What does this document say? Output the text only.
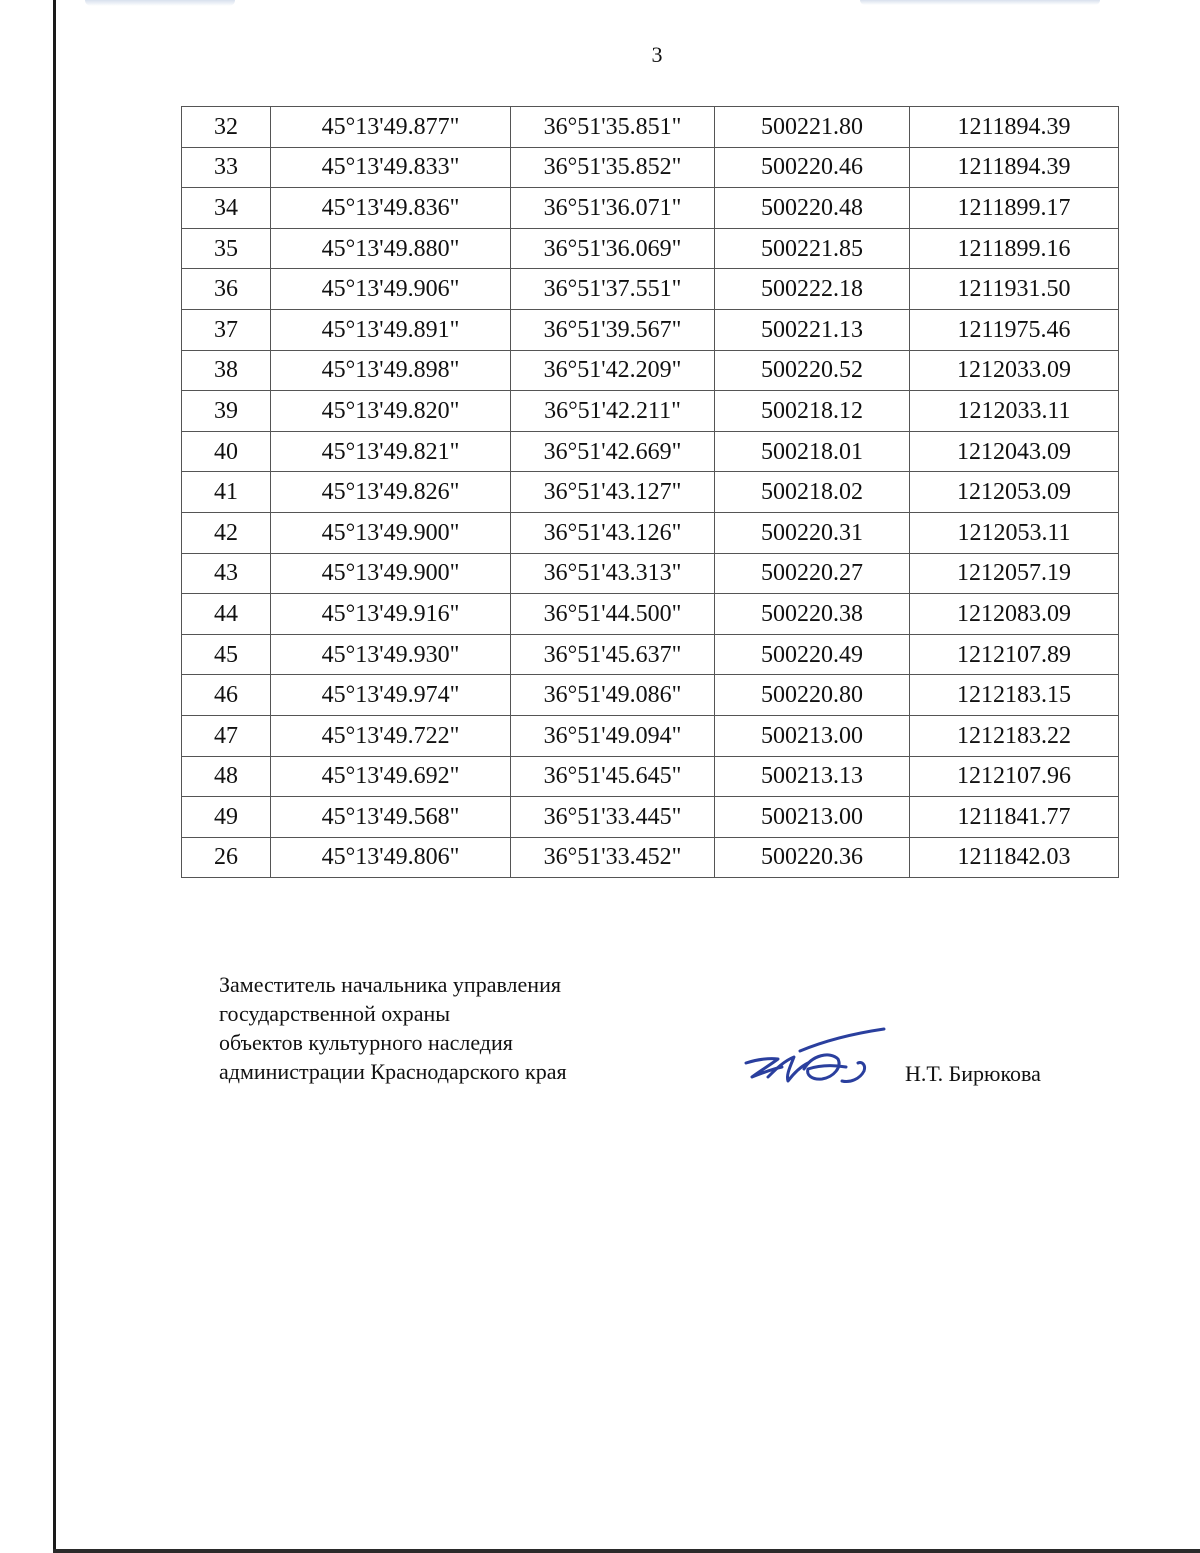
3
32	45°13'49.877"	36°51'35.851"	500221.80	1211894.39
33	45°13'49.833"	36°51'35.852"	500220.46	1211894.39
34	45°13'49.836"	36°51'36.071"	500220.48	1211899.17
35	45°13'49.880"	36°51'36.069"	500221.85	1211899.16
36	45°13'49.906"	36°51'37.551"	500222.18	1211931.50
37	45°13'49.891"	36°51'39.567"	500221.13	1211975.46
38	45°13'49.898"	36°51'42.209"	500220.52	1212033.09
39	45°13'49.820"	36°51'42.211"	500218.12	1212033.11
40	45°13'49.821"	36°51'42.669"	500218.01	1212043.09
41	45°13'49.826"	36°51'43.127"	500218.02	1212053.09
42	45°13'49.900"	36°51'43.126"	500220.31	1212053.11
43	45°13'49.900"	36°51'43.313"	500220.27	1212057.19
44	45°13'49.916"	36°51'44.500"	500220.38	1212083.09
45	45°13'49.930"	36°51'45.637"	500220.49	1212107.89
46	45°13'49.974"	36°51'49.086"	500220.80	1212183.15
47	45°13'49.722"	36°51'49.094"	500213.00	1212183.22
48	45°13'49.692"	36°51'45.645"	500213.13	1212107.96
49	45°13'49.568"	36°51'33.445"	500213.00	1211841.77
26	45°13'49.806"	36°51'33.452"	500220.36	1211842.03
Заместитель начальника управления
государственной охраны
объектов культурного наследия
администрации Краснодарского края	Н.Т. Бирюкова
